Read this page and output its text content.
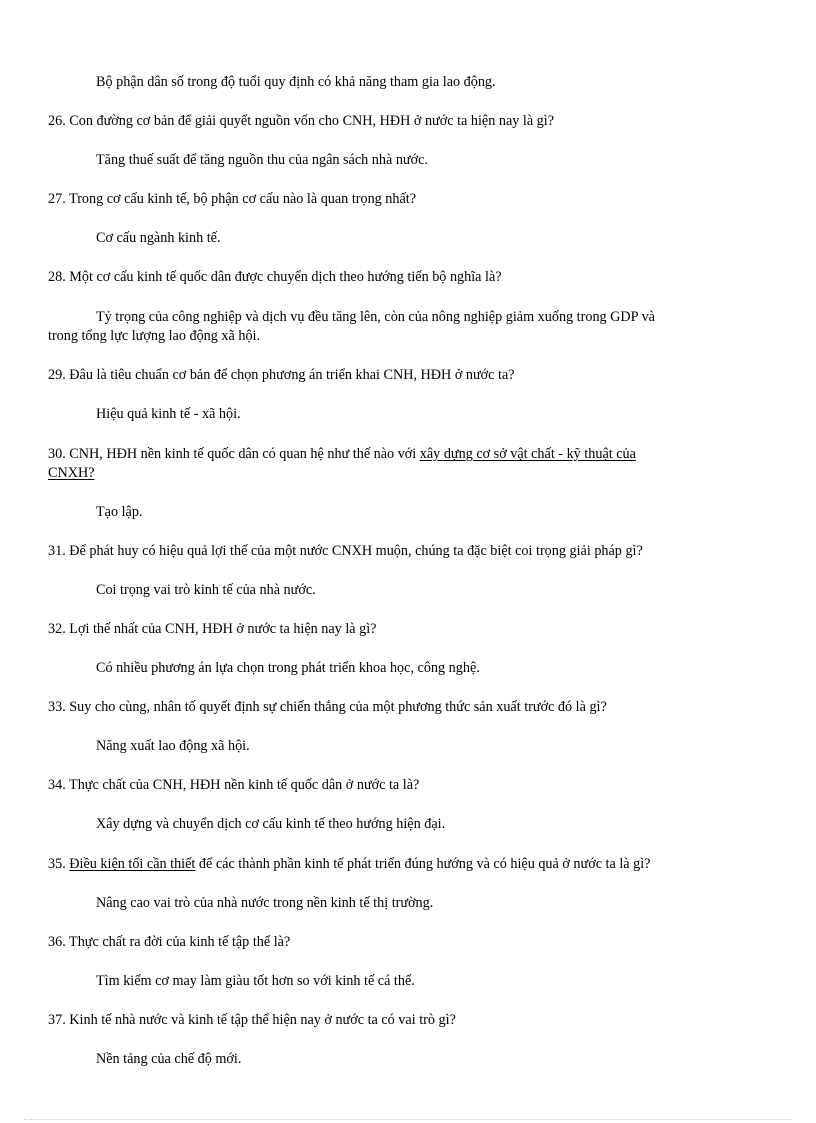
Bộ phận dân số trong độ tuổi quy định có khả năng tham gia lao động.
26. Con đường cơ bản để giải quyết nguồn vốn cho CNH, HĐH ở nước ta hiện nay là gì?
Tăng thuế suất để tăng nguồn thu của ngân sách nhà nước.
27. Trong cơ cấu kinh tế, bộ phận cơ cấu nào là quan trọng nhất?
Cơ cấu ngành kinh tế.
28. Một cơ cấu kinh tế quốc dân được chuyển dịch theo hướng tiến bộ nghĩa là?
Tỷ trọng của công nghiệp và dịch vụ đều tăng lên, còn của nông nghiệp giảm xuống trong GDP và
trong tổng lực lượng lao động xã hội.
29. Đâu là tiêu chuẩn cơ bản để chọn phương án triển khai CNH, HĐH ở nước ta?
Hiệu quả kinh tế - xã hội.
30. CNH, HĐH nền kinh tế quốc dân có quan hệ như thế nào với xây dựng cơ sở vật chất - kỹ thuật của
CNXH?
Tạo lập.
31. Để phát huy có hiệu quả lợi thế của một nước CNXH muộn, chúng ta đặc biệt coi trọng giải pháp gì?
Coi trọng vai trò kinh tế của nhà nước.
32. Lợi thế nhất của CNH, HĐH ở nước ta hiện nay là gì?
Có nhiều phương án lựa chọn trong phát triển khoa học, công nghệ.
33. Suy cho cùng, nhân tố quyết định sự chiến thắng của một phương thức sản xuất trước đó là gì?
Năng xuất lao động xã hội.
34. Thực chất của CNH, HĐH nền kinh tế quốc dân ở nước ta là?
Xây dựng và chuyển dịch cơ cấu kinh tế theo hướng hiện đại.
35. Điều kiện tối cần thiết để các thành phần kinh tế phát triển đúng hướng và có hiệu quả ở nước ta là gì?
Nâng cao vai trò của nhà nước trong nền kinh tế thị trường.
36. Thực chất ra đời của kinh tế tập thể là?
Tìm kiếm cơ may làm giàu tốt hơn so với kinh tế cá thể.
37. Kinh tế nhà nước và kinh tế tập thể hiện nay ở nước ta có vai trò gì?
Nền tảng của chế độ mới.
